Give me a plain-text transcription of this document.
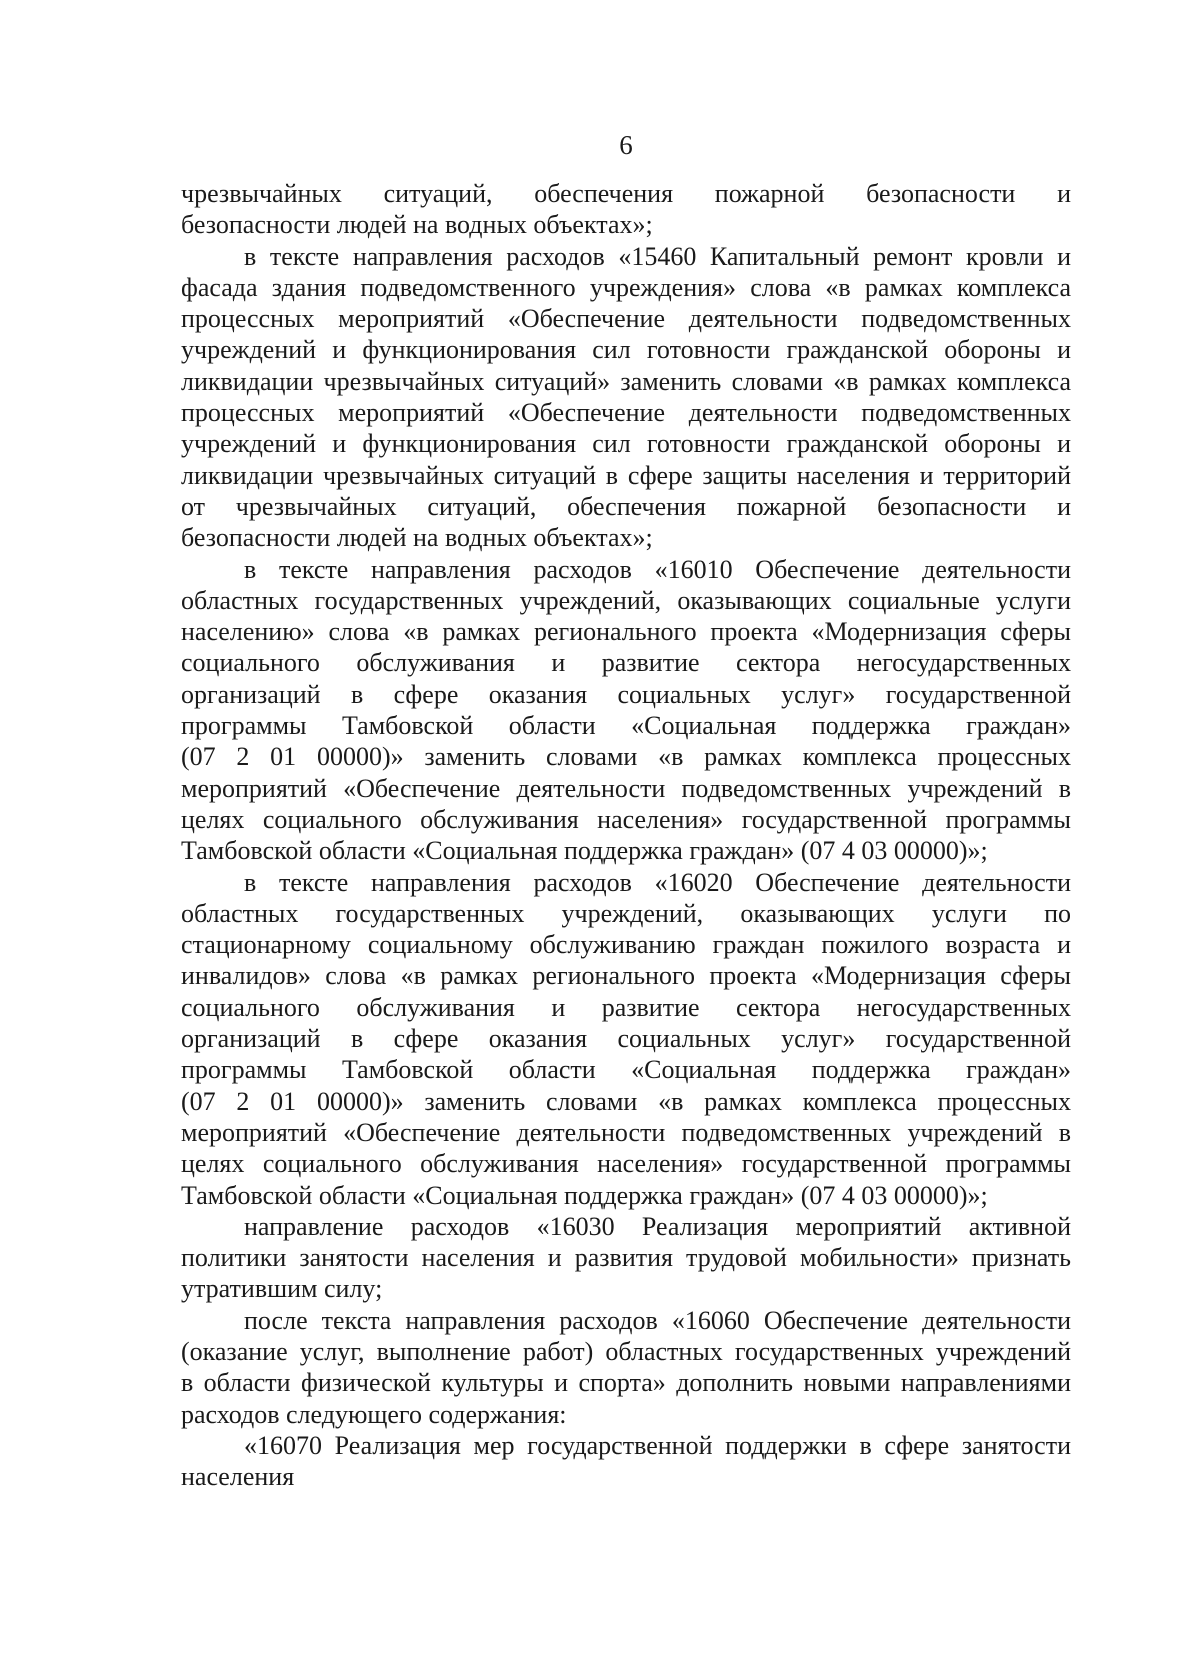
6
чрезвычайных ситуаций, обеспечения пожарной безопасности и
безопасности людей на водных объектах»;
в тексте направления расходов «15460 Капитальный ремонт кровли и
фасада здания подведомственного учреждения» слова «в рамках комплекса
процессных мероприятий «Обеспечение деятельности подведомственных
учреждений и функционирования сил готовности гражданской обороны и
ликвидации чрезвычайных ситуаций» заменить словами «в рамках комплекса
процессных мероприятий «Обеспечение деятельности подведомственных
учреждений и функционирования сил готовности гражданской обороны и
ликвидации чрезвычайных ситуаций в сфере защиты населения и территорий
от чрезвычайных ситуаций, обеспечения пожарной безопасности и
безопасности людей на водных объектах»;
в тексте направления расходов «16010 Обеспечение деятельности
областных государственных учреждений, оказывающих социальные услуги
населению» слова «в рамках регионального проекта «Модернизация сферы
социального обслуживания и развитие сектора негосударственных
организаций в сфере оказания социальных услуг» государственной
программы Тамбовской области «Социальная поддержка граждан»
(07 2 01 00000)» заменить словами «в рамках комплекса процессных
мероприятий «Обеспечение деятельности подведомственных учреждений в
целях социального обслуживания населения» государственной программы
Тамбовской области «Социальная поддержка граждан» (07 4 03 00000)»;
в тексте направления расходов «16020 Обеспечение деятельности
областных государственных учреждений, оказывающих услуги по
стационарному социальному обслуживанию граждан пожилого возраста и
инвалидов» слова «в рамках регионального проекта «Модернизация сферы
социального обслуживания и развитие сектора негосударственных
организаций в сфере оказания социальных услуг» государственной
программы Тамбовской области «Социальная поддержка граждан»
(07 2 01 00000)» заменить словами «в рамках комплекса процессных
мероприятий «Обеспечение деятельности подведомственных учреждений в
целях социального обслуживания населения» государственной программы
Тамбовской области «Социальная поддержка граждан» (07 4 03 00000)»;
направление расходов «16030 Реализация мероприятий активной
политики занятости населения и развития трудовой мобильности» признать
утратившим силу;
после текста направления расходов «16060 Обеспечение деятельности
(оказание услуг, выполнение работ) областных государственных учреждений
в области физической культуры и спорта» дополнить новыми направлениями
расходов следующего содержания:
«16070 Реализация мер государственной поддержки в сфере занятости
населения
